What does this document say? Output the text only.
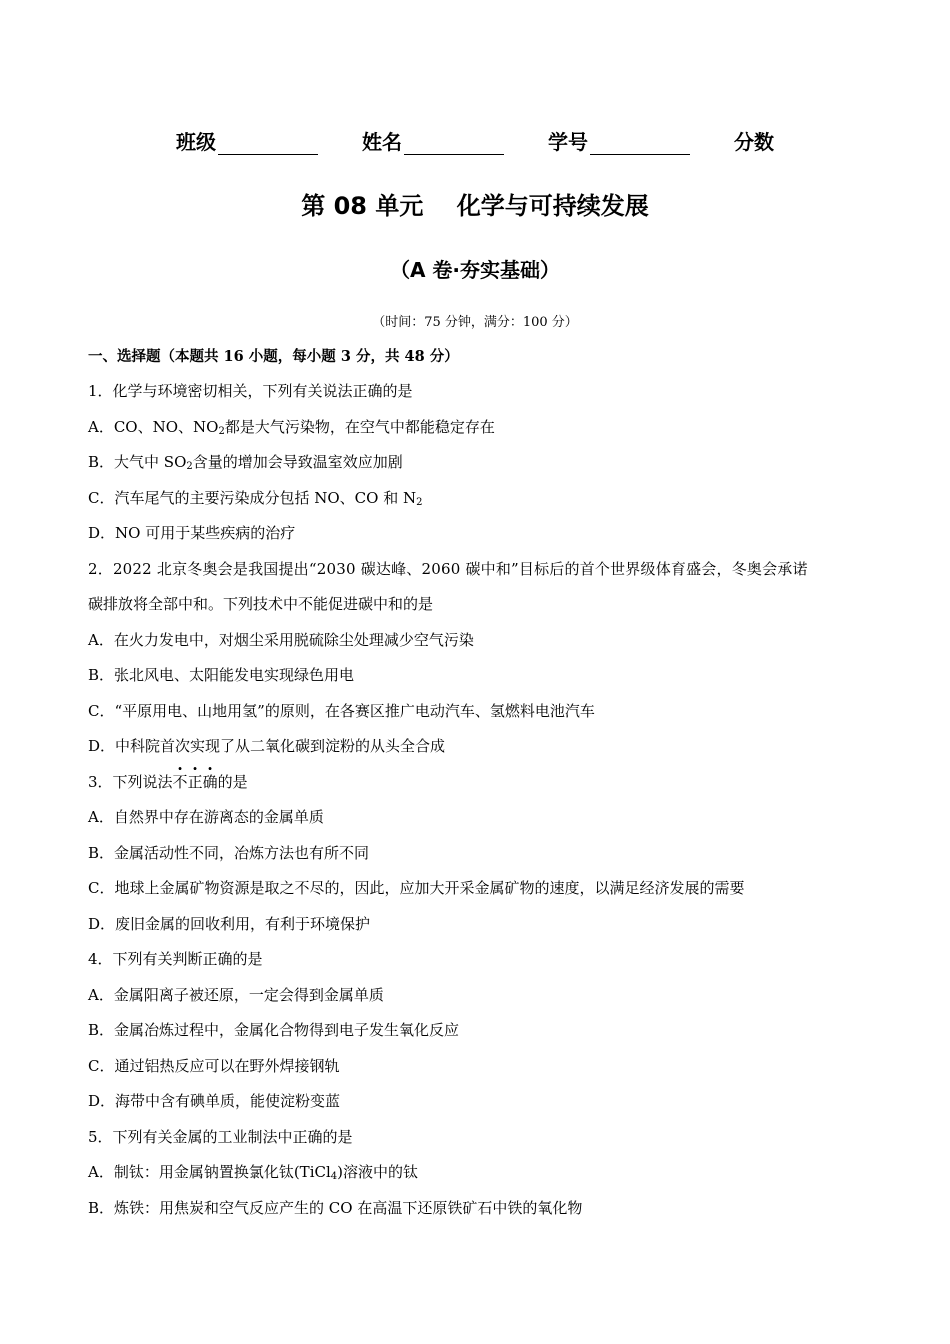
班级	姓名	学号	分数
第 08 单元    化学与可持续发展
（A 卷·夯实基础）
（时间：75 分钟，满分：100 分）
一、选择题（本题共 16 小题，每小题 3 分，共 48 分）
1．化学与环境密切相关，下列有关说法正确的是
A．CO、NO、$NO_2$都是大气污染物，在空气中都能稳定存在
B．大气中 $SO_2$含量的增加会导致温室效应加剧
C．汽车尾气的主要污染成分包括 NO、CO 和 $N_2$
D．NO 可用于某些疾病的治疗
2．2022 北京冬奥会是我国提出“2030 碳达峰、2060 碳中和”目标后的首个世界级体育盛会，冬奥会承诺
碳排放将全部中和。下列技术中不能促进碳中和的是
A．在火力发电中，对烟尘采用脱硫除尘处理减少空气污染
B．张北风电、太阳能发电实现绿色用电
C．“平原用电、山地用氢”的原则，在各赛区推广电动汽车、氢燃料电池汽车
D．中科院首次实现了从二氧化碳到淀粉的从头全合成
3．下列说法不正确的是
A．自然界中存在游离态的金属单质
B．金属活动性不同，冶炼方法也有所不同
C．地球上金属矿物资源是取之不尽的，因此，应加大开采金属矿物的速度，以满足经济发展的需要
D．废旧金属的回收利用，有利于环境保护
4．下列有关判断正确的是
A．金属阳离子被还原，一定会得到金属单质
B．金属冶炼过程中，金属化合物得到电子发生氧化反应
C．通过铝热反应可以在野外焊接钢轨
D．海带中含有碘单质，能使淀粉变蓝
5．下列有关金属的工业制法中正确的是
A．制钛：用金属钠置换氯化钛(TiCl$_4$)溶液中的钛
B．炼铁：用焦炭和空气反应产生的 CO 在高温下还原铁矿石中铁的氧化物
